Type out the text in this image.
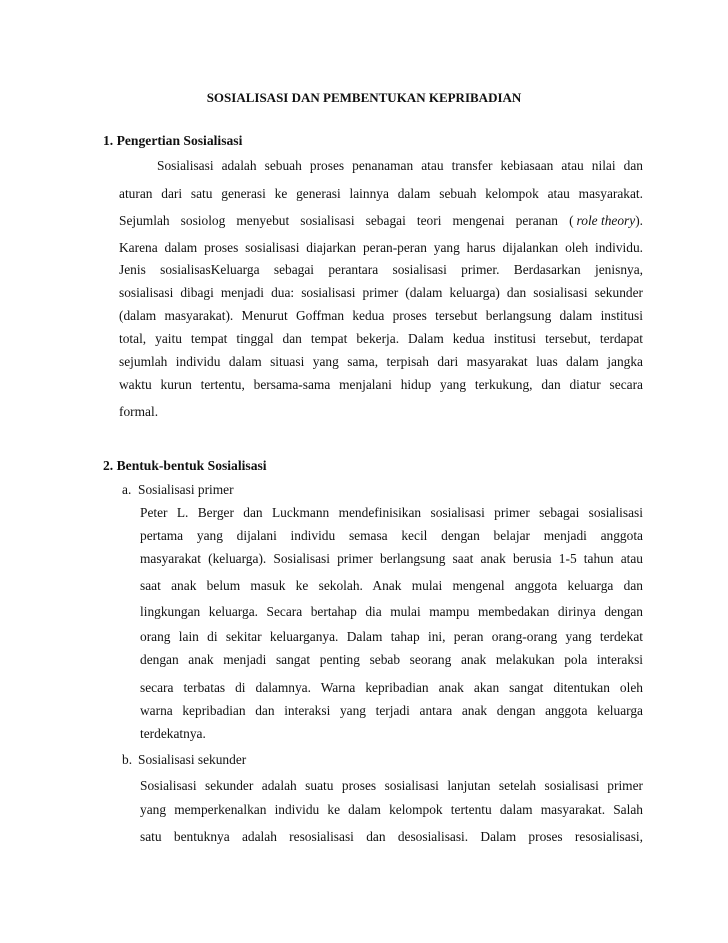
SOSIALISASI DAN PEMBENTUKAN KEPRIBADIAN
1. Pengertian Sosialisasi
Sosialisasi adalah sebuah proses penanaman atau transfer kebiasaan atau nilai dan
aturan dari satu generasi ke generasi lainnya dalam sebuah kelompok atau masyarakat.
Sejumlah sosiolog menyebut sosialisasi sebagai teori mengenai peranan ( role theory ).
Karena dalam proses sosialisasi diajarkan peran-peran yang harus dijalankan oleh individu.
Jenis sosialisasKeluarga sebagai perantara sosialisasi primer. Berdasarkan jenisnya,
sosialisasi dibagi menjadi dua: sosialisasi primer (dalam keluarga) dan sosialisasi sekunder
(dalam masyarakat). Menurut Goffman kedua proses tersebut berlangsung dalam institusi
total, yaitu tempat tinggal dan tempat bekerja. Dalam kedua institusi tersebut, terdapat
sejumlah individu dalam situasi yang sama, terpisah dari masyarakat luas dalam jangka
waktu kurun tertentu, bersama-sama menjalani hidup yang terkukung, dan diatur secara
formal.
2. Bentuk-bentuk Sosialisasi
a. Sosialisasi primer
Peter L. Berger dan Luckmann mendefinisikan sosialisasi primer sebagai sosialisasi
pertama yang dijalani individu semasa kecil dengan belajar menjadi anggota
masyarakat (keluarga). Sosialisasi primer berlangsung saat anak berusia 1-5 tahun atau
saat anak belum masuk ke sekolah. Anak mulai mengenal anggota keluarga dan
lingkungan keluarga. Secara bertahap dia mulai mampu membedakan dirinya dengan
orang lain di sekitar keluarganya. Dalam tahap ini, peran orang-orang yang terdekat
dengan anak menjadi sangat penting sebab seorang anak melakukan pola interaksi
secara terbatas di dalamnya. Warna kepribadian anak akan sangat ditentukan oleh
warna kepribadian dan interaksi yang terjadi antara anak dengan anggota keluarga
terdekatnya.
b. Sosialisasi sekunder
Sosialisasi sekunder adalah suatu proses sosialisasi lanjutan setelah sosialisasi primer
yang memperkenalkan individu ke dalam kelompok tertentu dalam masyarakat. Salah
satu bentuknya adalah resosialisasi dan desosialisasi. Dalam proses resosialisasi,
